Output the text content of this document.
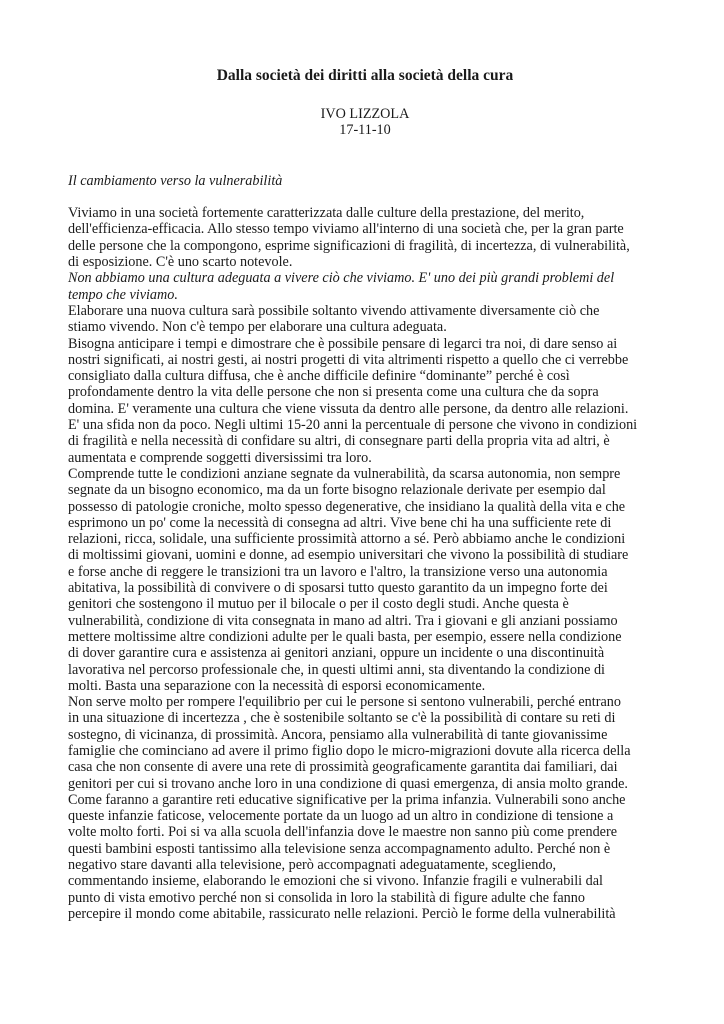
Dalla società dei diritti alla società della cura
IVO LIZZOLA
17-11-10
Il cambiamento verso la vulnerabilità

Viviamo in una società fortemente caratterizzata dalle culture della prestazione, del merito,

dell'efficienza-efficacia. Allo stesso tempo viviamo all'interno di una società che, per la gran parte

delle persone che la compongono, esprime significazioni di fragilità, di incertezza, di vulnerabilità,

di esposizione. C'è uno scarto notevole.

Non abbiamo una cultura adeguata a vivere ciò che viviamo. E' uno dei più grandi problemi del

tempo che viviamo.

Elaborare una nuova cultura sarà possibile soltanto vivendo attivamente diversamente ciò che

stiamo vivendo. Non c'è tempo per elaborare una cultura adeguata.

Bisogna anticipare i tempi e dimostrare che è possibile pensare di legarci tra noi, di dare senso ai

nostri significati, ai nostri gesti, ai nostri progetti di vita altrimenti rispetto a quello che ci verrebbe

consigliato dalla cultura diffusa, che è anche difficile definire “dominante” perché è così

profondamente dentro la vita delle persone che non si presenta come una cultura che da sopra

domina. E' veramente una cultura che viene vissuta da dentro alle persone, da dentro alle relazioni.

E' una sfida non da poco. Negli ultimi 15-20 anni la percentuale di persone che vivono in condizioni

di fragilità e nella necessità di confidare su altri, di consegnare parti della propria vita ad altri, è

aumentata e comprende soggetti diversissimi tra loro.

Comprende tutte le condizioni anziane segnate da vulnerabilità, da scarsa autonomia, non sempre

segnate da un bisogno economico, ma da un forte bisogno relazionale derivate per esempio dal

possesso di patologie croniche, molto spesso degenerative, che insidiano la qualità della vita e che

esprimono un po' come la necessità di consegna ad altri. Vive bene chi ha una sufficiente rete di

relazioni, ricca, solidale, una sufficiente prossimità attorno a sé. Però abbiamo anche le condizioni

di moltissimi giovani, uomini e donne, ad esempio universitari che vivono la possibilità di studiare

e forse anche di reggere le transizioni tra un lavoro e l'altro, la transizione verso una autonomia

abitativa, la possibilità di convivere o di sposarsi tutto questo garantito da un impegno forte dei

genitori che sostengono il mutuo per il bilocale o per il costo degli studi. Anche questa è

vulnerabilità, condizione di vita consegnata in mano ad altri. Tra i giovani e gli anziani possiamo

mettere moltissime altre condizioni adulte per le quali basta, per esempio, essere nella condizione

di dover garantire cura e assistenza ai genitori anziani, oppure un incidente o una discontinuità

lavorativa nel percorso professionale che, in questi ultimi anni, sta diventando la condizione di

molti. Basta una separazione con la necessità di esporsi economicamente.

Non serve molto per rompere l'equilibrio per cui le persone si sentono vulnerabili, perché entrano

in una situazione di incertezza , che è sostenibile soltanto se c'è la possibilità di contare su reti di

sostegno, di vicinanza, di prossimità. Ancora, pensiamo alla vulnerabilità di tante giovanissime

famiglie che cominciano ad avere il primo figlio dopo le micro-migrazioni dovute alla ricerca della

casa che non consente di avere una rete di prossimità geograficamente garantita dai familiari, dai

genitori per cui si trovano anche loro in una condizione di quasi emergenza, di ansia molto grande.

Come faranno a garantire reti educative significative per la prima infanzia. Vulnerabili sono anche

queste infanzie faticose, velocemente portate da un luogo ad un altro in condizione di tensione a

volte molto forti. Poi si va alla scuola dell'infanzia dove le maestre non sanno più come prendere

questi bambini esposti tantissimo alla televisione senza accompagnamento adulto. Perché non è

negativo stare davanti alla televisione, però accompagnati adeguatamente, scegliendo,

commentando insieme, elaborando le emozioni che si vivono. Infanzie fragili e vulnerabili dal

punto di vista emotivo perché non si consolida in loro la stabilità di figure adulte che fanno

percepire il mondo come abitabile, rassicurato nelle relazioni. Perciò le forme della vulnerabilità
